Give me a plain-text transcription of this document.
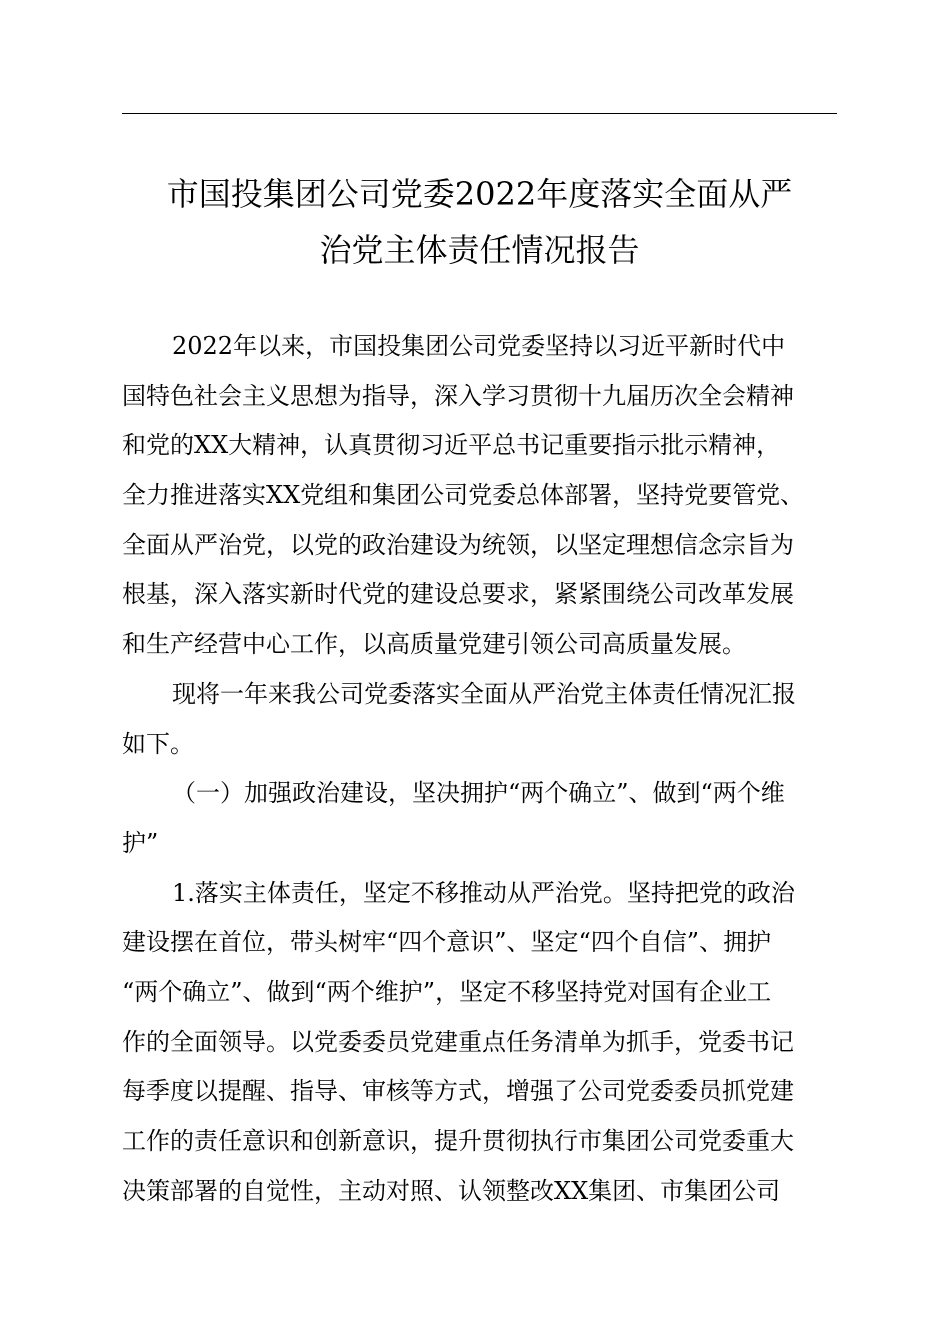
市国投集团公司党委2022年度落实全面从严
治党主体责任情况报告
2022年以来，市国投集团公司党委坚持以习近平新时代中
国特色社会主义思想为指导，深入学习贯彻十九届历次全会精神
和党的XX大精神，认真贯彻习近平总书记重要指示批示精神，
全力推进落实XX党组和集团公司党委总体部署，坚持党要管党、
全面从严治党，以党的政治建设为统领，以坚定理想信念宗旨为
根基，深入落实新时代党的建设总要求，紧紧围绕公司改革发展
和生产经营中心工作，以高质量党建引领公司高质量发展。
现将一年来我公司党委落实全面从严治党主体责任情况汇报
如下。
（一）加强政治建设，坚决拥护“两个确立”、做到“两个维
护”
1.落实主体责任，坚定不移推动从严治党。坚持把党的政治
建设摆在首位，带头树牢“四个意识”、坚定“四个自信”、拥护
“两个确立”、做到“两个维护”，坚定不移坚持党对国有企业工
作的全面领导。以党委委员党建重点任务清单为抓手，党委书记
每季度以提醒、指导、审核等方式，增强了公司党委委员抓党建
工作的责任意识和创新意识，提升贯彻执行市集团公司党委重大
决策部署的自觉性，主动对照、认领整改XX集团、市集团公司
